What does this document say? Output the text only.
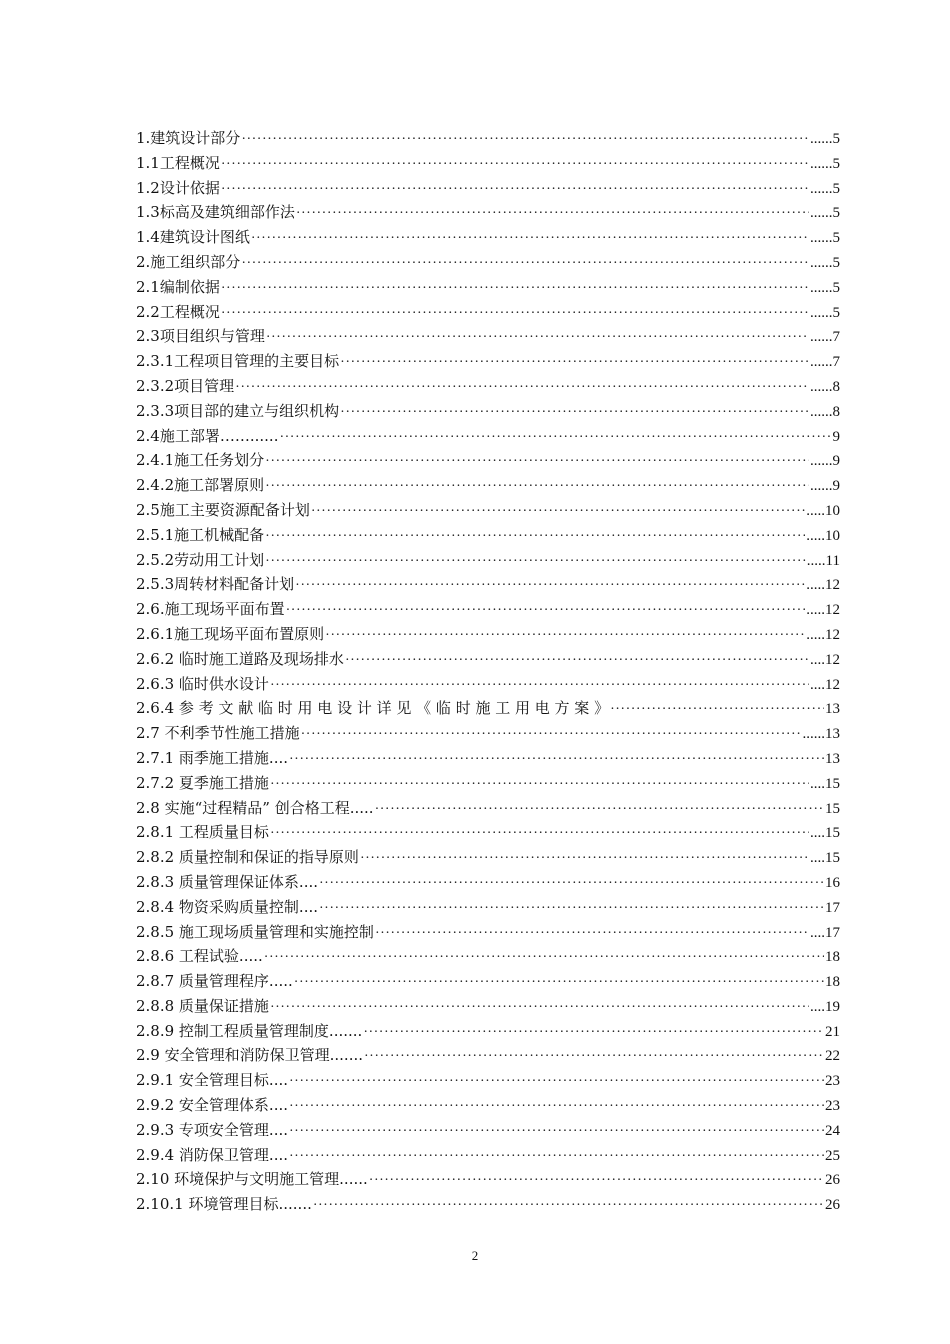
1.建筑设计部分 ·····	......5
1.1工程概况 ·····	......5
1.2设计依据 ·····	......5
1.3标高及建筑细部作法 ·····	......5
1.4建筑设计图纸 ·····	......5
2.施工组织部分 ·····	......5
2.1编制依据 ·····	......5
2.2工程概况 ·····	......5
2.3项目组织与管理 ·····	......7
2.3.1工程项目管理的主要目标 ·····	......7
2.3.2项目管理 ·····	......8
2.3.3项目部的建立与组织机构 ·····	......8
2.4施工部署……...... ·····	9
2.4.1施工任务划分 ·····	......9
2.4.2施工部署原则 ·····	......9
2.5施工主要资源配备计划 ·····	.....10
2.5.1施工机械配备 ·····	.....10
2.5.2劳动用工计划 ·····	.....11
2.5.3周转材料配备计划 ·····	.....12
2.6.施工现场平面布置 ·····	.....12
2.6.1施工现场平面布置原则 ·····	.....12
2.6.2 临时施工道路及现场排水 ·····	....12
2.6.3 临时供水设计 ·····	....12
2.6.4 参 考 文 献 临 时 用 电 设 计 详 见 《 临 时 施 工 用 电 方 案 》 ·····	13
2.7 不利季节性施工措施 ·····	......13
2.7.1 雨季施工措施.... ·····	13
2.7.2 夏季施工措施 ·····	....15
2.8 实施“过程精品” 创合格工程..... ·····	15
2.8.1 工程质量目标 ·····	....15
2.8.2 质量控制和保证的指导原则 ·····	....15
2.8.3 质量管理保证体系.... ·····	16
2.8.4 物资采购质量控制.... ·····	17
2.8.5 施工现场质量管理和实施控制 ·····	....17
2.8.6 工程试验..... ·····	18
2.8.7 质量管理程序..... ·····	18
2.8.8 质量保证措施 ·····	....19
2.8.9 控制工程质量管理制度....... ·····	21
2.9 安全管理和消防保卫管理....... ·····	22
2.9.1 安全管理目标.... ·····	23
2.9.2 安全管理体系.... ·····	23
2.9.3 专项安全管理.... ·····	24
2.9.4 消防保卫管理.... ·····	25
2.10 环境保护与文明施工管理...... ·····	26
2.10.1 环境管理目标....... ·····	26
2
